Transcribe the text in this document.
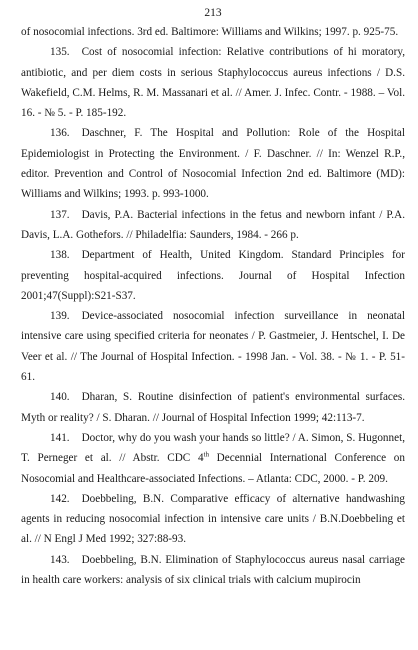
213

of nosocomial infections. 3rd ed. Baltimore: Williams and Wilkins; 1997. p. 925-75.

135. Cost of nosocomial infection: Relative contributions of hi moratory, antibiotic, and per diem costs in serious Staphylococcus aureus infections / D.S. Wakefield, C.M. Helms, R. M. Massanari et al. // Amer. J. Infec. Contr. - 1988. – Vol. 16. - № 5. - P. 185-192.

136. Daschner, F. The Hospital and Pollution: Role of the Hospital Epidemiologist in Protecting the Environment. / F. Daschner. // In: Wenzel R.P., editor. Prevention and Control of Nosocomial Infection 2nd ed. Baltimore (MD): Williams and Wilkins; 1993. p. 993-1000.

137. Davis, P.A. Bacterial infections in the fetus and newborn infant / P.A. Davis, L.A. Gothefors. // Philadelfia: Saunders, 1984. - 266 p.

138. Department of Health, United Kingdom. Standard Principles for preventing hospital-acquired infections. Journal of Hospital Infection 2001;47(Suppl):S21-S37.

139. Device-associated nosocomial infection surveillance in neonatal intensive care using specified criteria for neonates / P. Gastmeier, J. Hentschel, I. De Veer et al. // The Journal of Hospital Infection. - 1998 Jan. - Vol. 38. - № 1. - P. 51-61.

140. Dharan, S. Routine disinfection of patient's environmental surfaces. Myth or reality? / S. Dharan. // Journal of Hospital Infection 1999; 42:113-7.

141. Doctor, why do you wash your hands so little? / A. Simon, S. Hugonnet, T. Perneger et al. // Abstr. CDC 4th Decennial International Conference on Nosocomial and Healthcare-associated Infections. – Atlanta: CDC, 2000. - P. 209.

142. Doebbeling, B.N. Comparative efficacy of alternative handwashing agents in reducing nosocomial infection in intensive care units / B.N.Doebbeling et al. // N Engl J Med 1992; 327:88-93.

143. Doebbeling, B.N. Elimination of Staphylococcus aureus nasal carriage in health care workers: analysis of six clinical trials with calcium mupirocin
